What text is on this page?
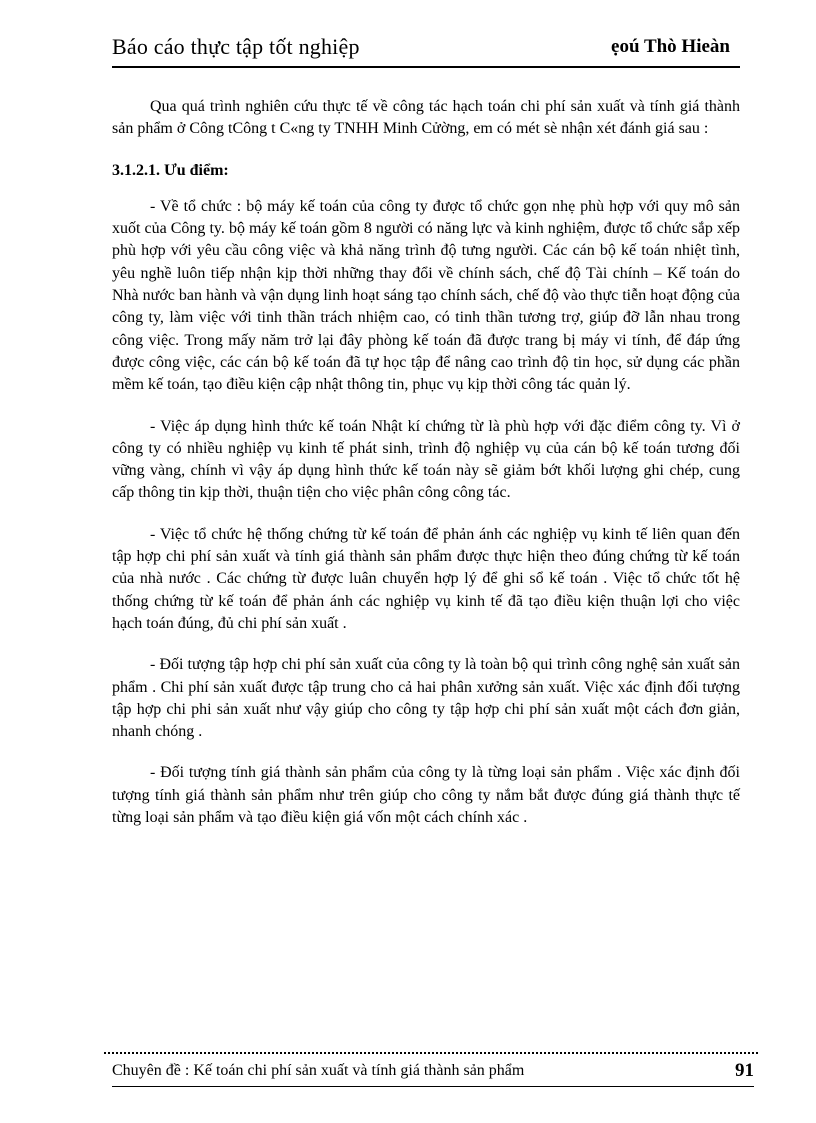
Báo cáo thực tập tốt nghiệp	ẹoú Thò Hieàn

Qua quá trình nghiên cứu thực tế về công tác hạch toán chi phí sản xuất và tính giá thành sản phẩm ở Công tCông t C«ng ty TNHH Minh Cửờng, em có mét sè nhận xét đánh giá sau :

3.1.2.1. Ưu điểm:

- Về tổ chức : bộ máy kế toán của công ty được tổ chức gọn nhẹ phù hợp với quy mô sản xuốt của Công ty. bộ máy kế toán gồm 8 người có năng lực và kinh nghiệm, được tổ chức sắp xếp phù hợp với yêu cầu công việc và khả năng trình độ tưng người. Các cán bộ kế toán nhiệt tình, yêu nghề luôn tiếp nhận kịp thời những thay đổi về chính sách, chế độ Tài chính – Kế toán do Nhà nước ban hành và vận dụng linh hoạt sáng tạo chính sách, chế độ vào thực tiễn hoạt động của công ty, làm việc với tinh thần trách nhiệm cao, có tinh thần tương trợ, giúp đỡ lẫn nhau trong công việc. Trong mấy năm trở lại đây phòng kế toán đã được trang bị máy vi tính, để đáp ứng được công việc, các cán bộ kế toán đã tự học tập để nâng cao trình độ tin học, sử dụng các phần mềm kế toán, tạo điều kiện cập nhật thông tin, phục vụ kịp thời công tác quản lý.

- Việc áp dụng hình thức kế toán Nhật kí chứng từ là phù hợp với đặc điểm công ty. Vì ở công ty có nhiều nghiệp vụ kinh tế phát sinh, trình độ nghiệp vụ của cán bộ kế toán tương đối vững vàng, chính vì vậy áp dụng hình thức kế toán này sẽ giảm bớt khối lượng ghi chép, cung cấp thông tin kịp thời, thuận tiện cho việc phân công công tác.

- Việc tổ chức hệ thống chứng từ kế toán để phản ánh các nghiệp vụ kinh tế liên quan đến tập hợp chi phí sản xuất và tính giá thành sản phẩm được thực hiện theo đúng chứng từ kế toán của nhà nước . Các chứng từ được luân chuyển hợp lý để ghi sổ kế toán . Việc tổ chức tốt hệ thống chứng từ kế toán để phản ánh các nghiệp vụ kinh tế đã tạo điều kiện thuận lợi cho việc hạch toán đúng, đủ chi phí sản xuất .

- Đối tượng tập hợp chi phí sản xuất của công ty là toàn bộ qui trình công nghệ sản xuất sản phẩm . Chi phí sản xuất được tập trung cho cả hai phân xưởng sản xuất. Việc xác định đối tượng tập hợp chi phi sản xuất như vậy giúp cho công ty tập hợp chi phí sản xuất một cách đơn giản, nhanh chóng .

- Đối tượng tính giá thành sản phẩm của công ty là từng loại sản phẩm . Việc xác định đối tượng tính giá thành sản phẩm như trên giúp cho công ty nắm bắt được đúng giá thành thực tế từng loại sản phẩm và tạo điều kiện giá vốn một cách chính xác .

Chuyên đề : Kế toán chi phí sản xuất và tính giá thành sản phẩm	91
